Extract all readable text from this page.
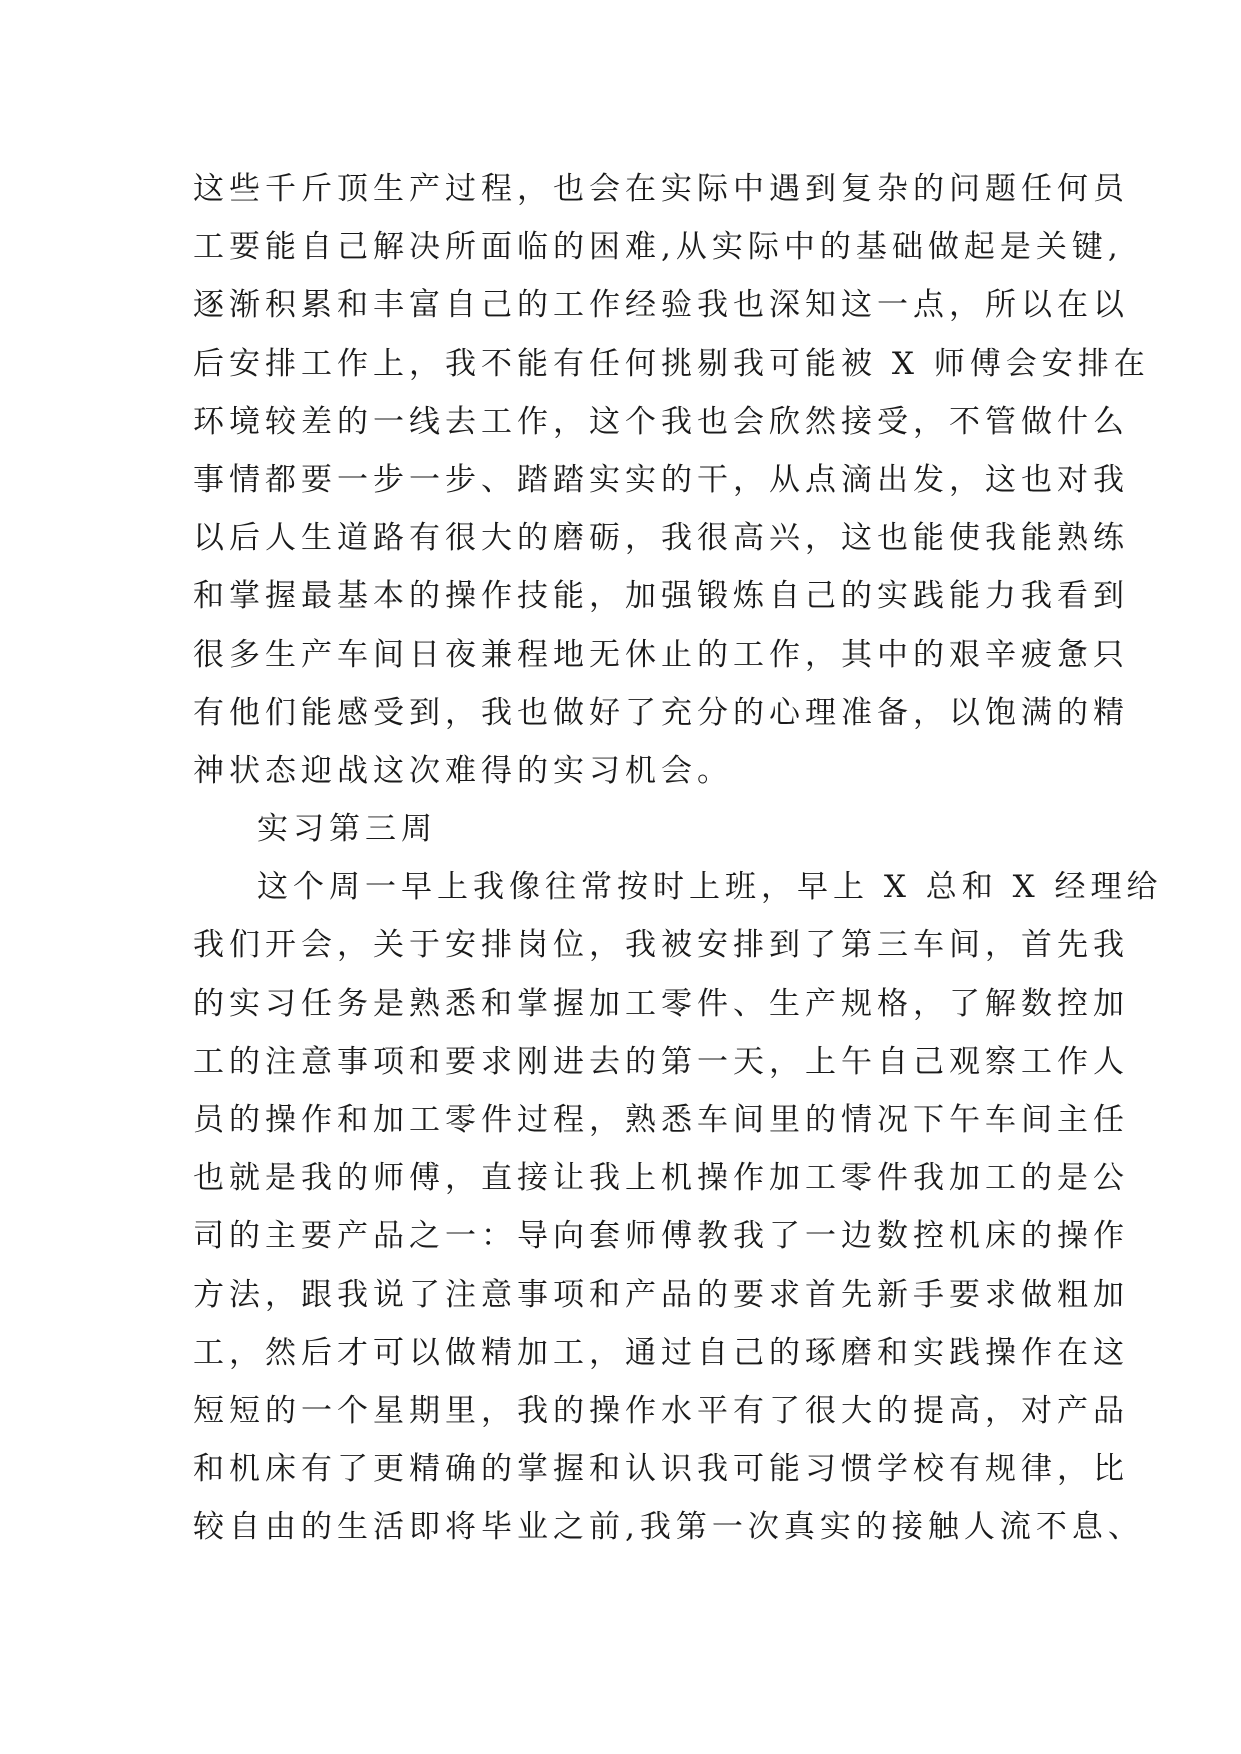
这些千斤顶生产过程，也会在实际中遇到复杂的问题任何员
工要能自己解决所面临的困难,从实际中的基础做起是关键,
逐渐积累和丰富自己的工作经验我也深知这一点，所以在以
后安排工作上，我不能有任何挑剔我可能被 X 师傅会安排在
环境较差的一线去工作，这个我也会欣然接受，不管做什么
事情都要一步一步、踏踏实实的干，从点滴出发，这也对我
以后人生道路有很大的磨砺，我很高兴，这也能使我能熟练
和掌握最基本的操作技能，加强锻炼自己的实践能力我看到
很多生产车间日夜兼程地无休止的工作，其中的艰辛疲惫只
有他们能感受到，我也做好了充分的心理准备，以饱满的精
神状态迎战这次难得的实习机会。
实习第三周
这个周一早上我像往常按时上班，早上 X 总和 X 经理给
我们开会，关于安排岗位，我被安排到了第三车间，首先我
的实习任务是熟悉和掌握加工零件、生产规格，了解数控加
工的注意事项和要求刚进去的第一天，上午自己观察工作人
员的操作和加工零件过程，熟悉车间里的情况下午车间主任
也就是我的师傅，直接让我上机操作加工零件我加工的是公
司的主要产品之一：导向套师傅教我了一边数控机床的操作
方法，跟我说了注意事项和产品的要求首先新手要求做粗加
工，然后才可以做精加工，通过自己的琢磨和实践操作在这
短短的一个星期里，我的操作水平有了很大的提高，对产品
和机床有了更精确的掌握和认识我可能习惯学校有规律，比
较自由的生活即将毕业之前,我第一次真实的接触人流不息、
